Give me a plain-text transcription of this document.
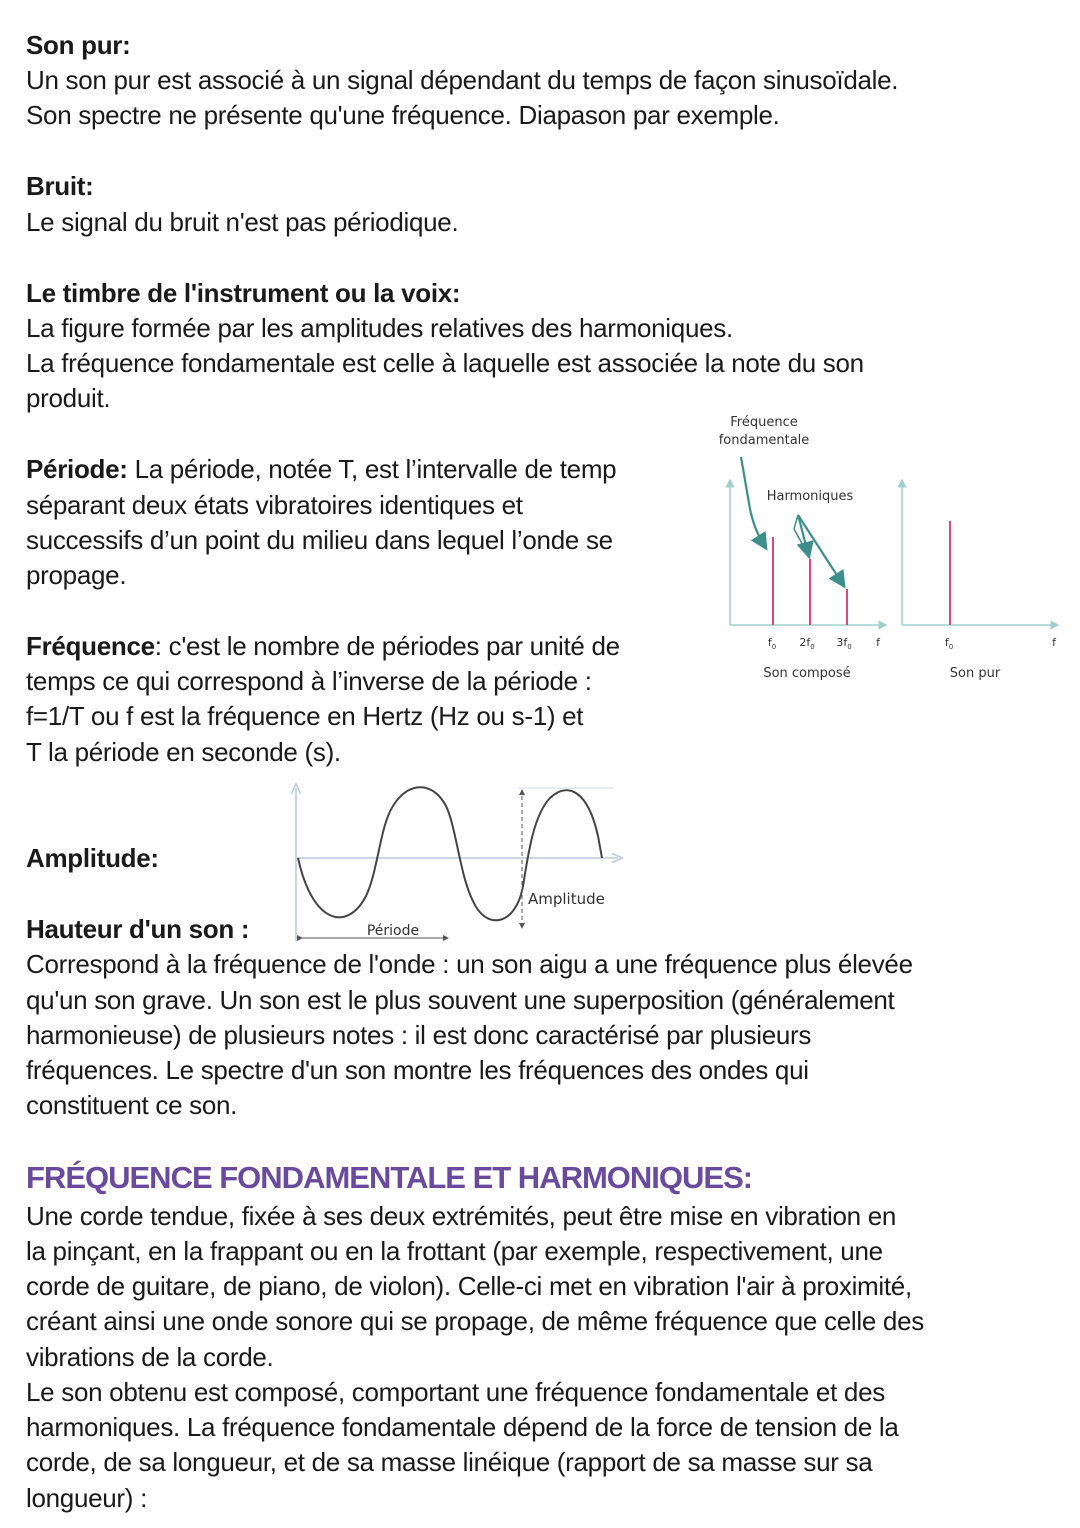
Son pur:
Un son pur est associé à un signal dépendant du temps de façon sinusoïdale.
Son spectre ne présente qu'une fréquence. Diapason par exemple.
Bruit:
Le signal du bruit n'est pas périodique.
Le timbre de l'instrument ou la voix:
La figure formée par les amplitudes relatives des harmoniques.
La fréquence fondamentale est celle à laquelle est associée la note du son
produit.
Période: La période, notée T, est l’intervalle de temp
séparant deux états vibratoires identiques et
successifs d’un point du milieu dans lequel l’onde se
propage.
Fréquence: c'est le nombre de périodes par unité de
temps ce qui correspond à l’inverse de la période :
f=1/T ou f est la fréquence en Hertz (Hz ou s-1) et
T la période en seconde (s).
Amplitude:
Hauteur d'un son :
Correspond à la fréquence de l'onde : un son aigu a une fréquence plus élevée
qu'un son grave. Un son est le plus souvent une superposition (généralement
harmonieuse) de plusieurs notes : il est donc caractérisé par plusieurs
fréquences. Le spectre d'un son montre les fréquences des ondes qui
constituent ce son.
FRÉQUENCE FONDAMENTALE ET HARMONIQUES:
Une corde tendue, fixée à ses deux extrémités, peut être mise en vibration en
la pinçant, en la frappant ou en la frottant (par exemple, respectivement, une
corde de guitare, de piano, de violon). Celle-ci met en vibration l'air à proximité,
créant ainsi une onde sonore qui se propage, de même fréquence que celle des
vibrations de la corde.
Le son obtenu est composé, comportant une fréquence fondamentale et des
harmoniques. La fréquence fondamentale dépend de la force de tension de la
corde, de sa longueur, et de sa masse linéique (rapport de sa masse sur sa
longueur) :
Fréquence
fondamentale
Harmoniques
$f_0$ $2f_0$ $3f_0$ f
Son composé
$f_0$	f
Son pur
Amplitude
Période
